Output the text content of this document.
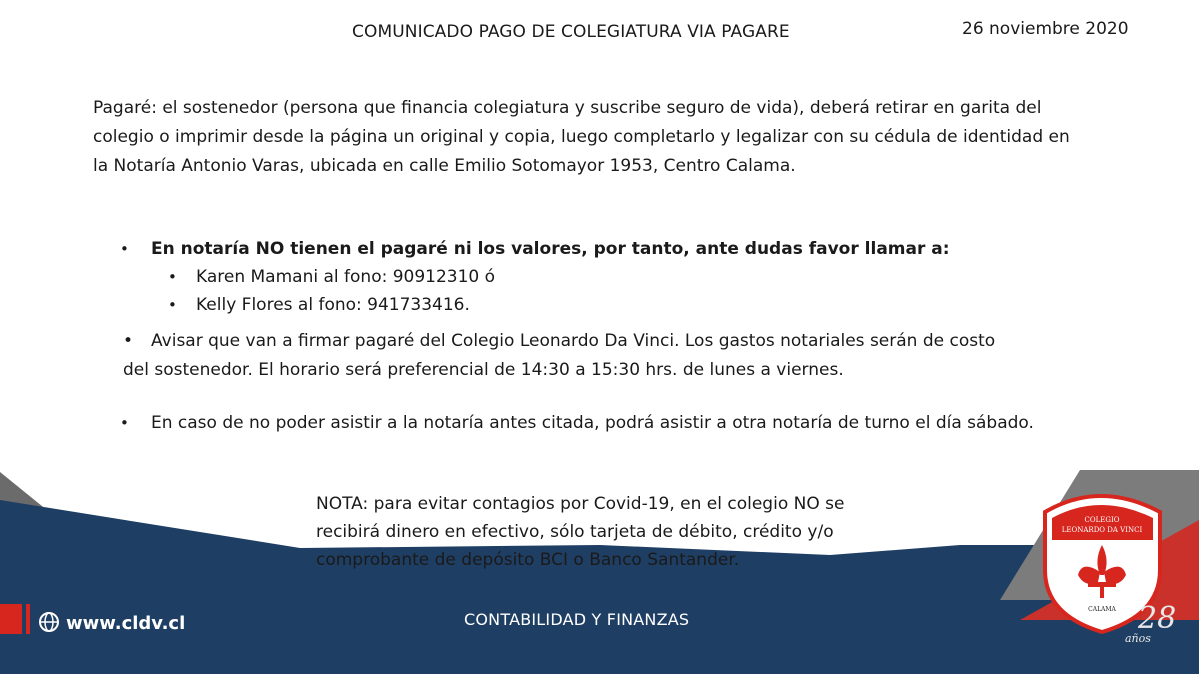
COLEGIO
LEONARDO DA VINCI
CALAMA 28
años
COMUNICADO PAGO DE COLEGIATURA VIA PAGARE	26 noviembre 2020
Pagaré: el sostenedor (persona que financia colegiatura y suscribe seguro de vida), deberá retirar en garita del colegio o imprimir desde la página un original y copia, luego completarlo y legalizar con su cédula de identidad en la Notaría Antonio Varas, ubicada en calle Emilio Sotomayor 1953, Centro Calama.
• En notaría NO tienen el pagaré ni los valores, por tanto, ante dudas favor llamar a:
• Karen Mamani al fono: 90912310 ó
• Kelly Flores al fono: 941733416.
• Avisar que van a firmar pagaré del Colegio Leonardo Da Vinci. Los gastos notariales serán de costo del sostenedor. El horario será preferencial de 14:30 a 15:30 hrs. de lunes a viernes.
• En caso de no poder asistir a la notaría antes citada, podrá asistir a otra notaría de turno el día sábado.
NOTA: para evitar contagios por Covid-19, en el colegio NO se recibirá dinero en efectivo, sólo tarjeta de débito, crédito y/o comprobante de depósito BCI o Banco Santander.
www.cldv.cl	CONTABILIDAD Y FINANZAS
